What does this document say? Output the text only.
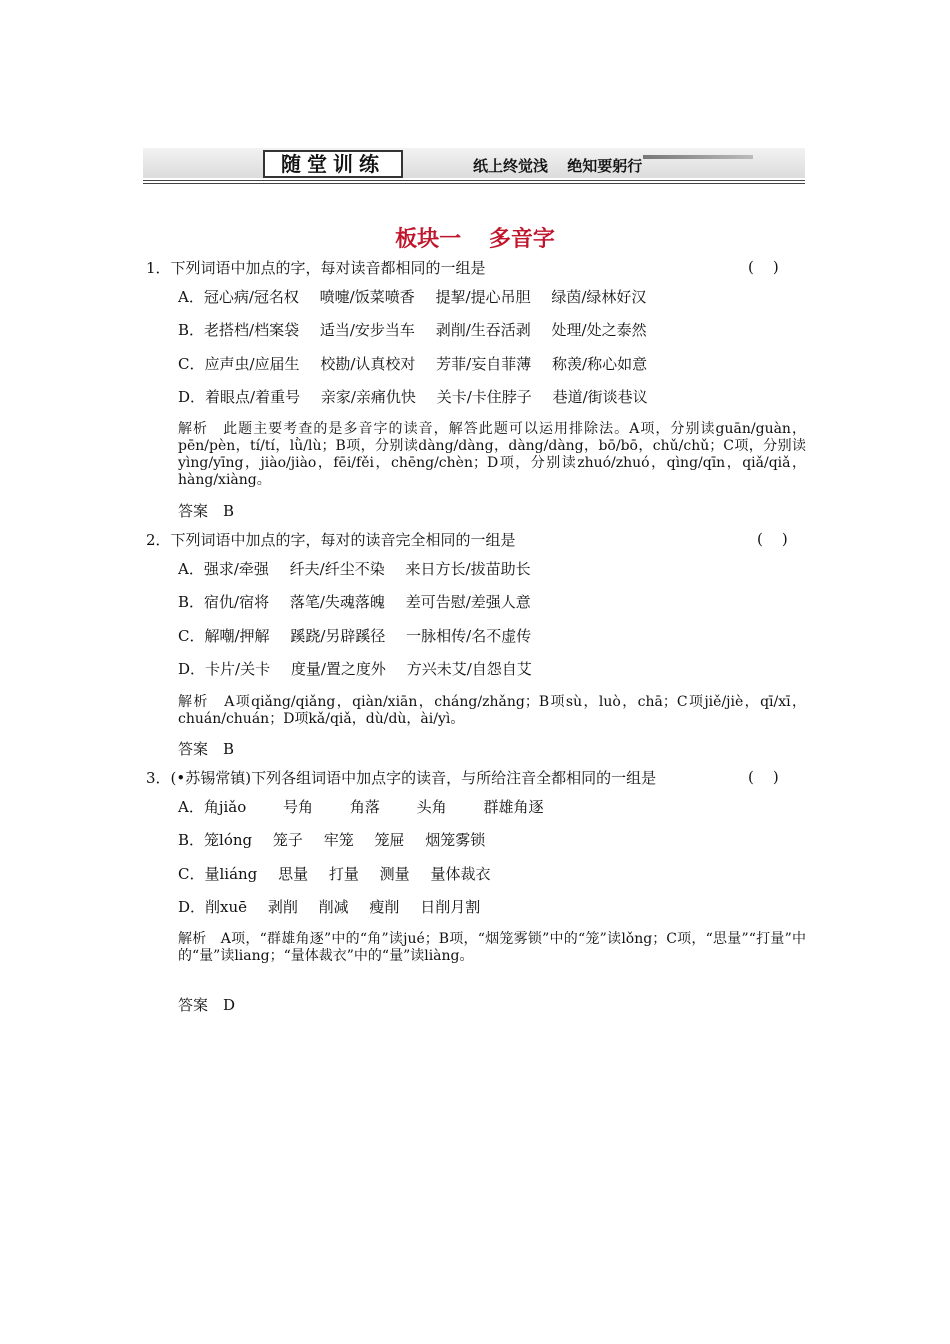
随堂训练	纸上终觉浅 绝知要躬行
板块一 多音字
1．下列词语中加点的字，每对读音都相同的一组是	(    )
A．冠心病/冠名权 喷嚏/饭菜喷香 提挈/提心吊胆 绿茵/绿林好汉
B．老搭档/档案袋 适当/安步当车 剥削/生吞活剥 处理/处之泰然
C．应声虫/应届生 校勘/认真校对 芳菲/妄自菲薄 称羡/称心如意
D．着眼点/着重号 亲家/亲痛仇快 关卡/卡住脖子 巷道/街谈巷议
解析　此题主要考查的是多音字的读音，解答此题可以运用排除法。A项，分别读guān/guàn，pēn/pèn，tí/tí，lǜ/lù；B项，分别读dàng/dàng，dàng/dàng，bō/bō，chǔ/chǔ；C项，分别读yìng/yīng，jiào/jiào，fēi/fěi，chēng/chèn；D项，分别读zhuó/zhuó，qìng/qīn，qiǎ/qiǎ，hàng/xiàng。
答案　B
2．下列词语中加点的字，每对的读音完全相同的一组是	(    )
A．强求/牵强 纤夫/纤尘不染 来日方长/拔苗助长
B．宿仇/宿将 落笔/失魂落魄 差可告慰/差强人意
C．解嘲/押解 蹊跷/另辟蹊径 一脉相传/名不虚传
D．卡片/关卡 度量/置之度外 方兴未艾/自怨自艾
解析　A项qiǎng/qiǎng，qiàn/xiān，cháng/zhǎng；B项sù，luò，chā；C项jiě/jiè，qī/xī，chuán/chuán；D项kǎ/qiǎ，dù/dù，ài/yì。
答案　B
3．(•苏锡常镇)下列各组词语中加点字的读音，与所给注音全都相同的一组是	(    )
A．角jiǎo 号角 角落 头角 群雄角逐
B．笼lóng 笼子 牢笼 笼屉 烟笼雾锁
C．量liáng 思量 打量 测量 量体裁衣
D．削xuē 剥削 削减 瘦削 日削月割
解析　A项，“群雄角逐”中的“角”读jué；B项，“烟笼雾锁”中的“笼”读lǒng；C项，“思量”“打量”中的“量”读liang；“量体裁衣”中的“量”读liàng。
答案　D
